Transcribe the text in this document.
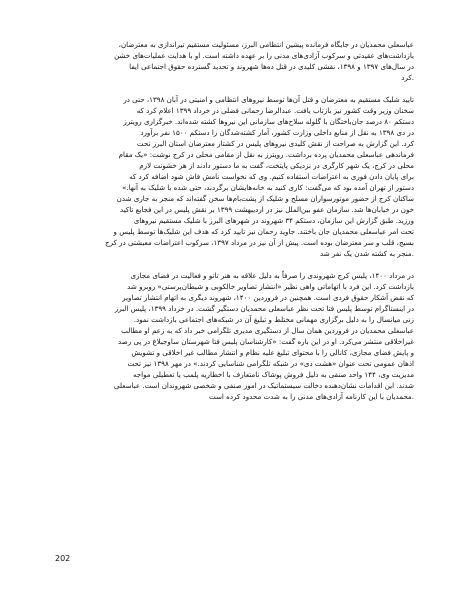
عباسعلی محمدیان در جایگاه فرمانده پیشین انتظامی البرز، مسئولیت مستقیم تیراندازی به معترضان،
بازداشت‌های عقیدتی و سرکوب آزادی‌های مدنی را بر عهده داشته است. او با هدایت عملیات‌های خشن
در سال‌های ۱۳۹۷ و ۱۳۹۸، نقشی کلیدی در قتل ده‌ها شهروند و تحدید گسترده حقوق اجتماعی ایفا
.کرد
تایید شلیک مستقیم به معترضان و قتل آن‌ها توسط نیروهای انتظامی و امنیتی در آبان ۱۳۹۸، حتی در
سخنان وزیر وقت کشور نیز بازتاب یافت. عبدالرضا رحمانی فضلی در خرداد ۱۳۹۹ اعلام کرد که
دستکم ۸۰ درصد جان‌باختگان با گلوله سلاح‌های سازمانی این نیروها کشته شده‌اند. خبرگزاری رویترز
در دی ۱۳۹۸ به نقل از منابع داخلی وزارت کشور، آمار کشته‌شدگان را دستکم ۱۵۰۰ نفر برآورد
کرد. این گزارش به صراحت از نقش کلیدی نیروهای پلیس در کشتار معترضان استان البرز تحت
فرماندهی عباسعلی محمدیان پرده برداشت. رویترز به نقل از مقامی محلی در کرج نوشت: «یک مقام
محلی در کرج، یک شهر کارگری در نزدیکی پایتخت، گفت به ما دستور دادند از هر خشونت لازم
برای پایان دادن فوری به اعتراضات استفاده کنیم. وی که نخواست نامش فاش شود اضافه کرد که
دستور از تهران آمده بود که می‌گفت: کاری کنید به خانه‌هایشان برگردند، حتی شده با شلیک به آنها.»
ساکنان کرج از حضور موتورسواران مسلح و شلیک از پشت‌بام‌ها سخن گفته‌اند که منجر به جاری شدن
خون در خیابان‌ها شد. سازمان عفو بین‌الملل نیز در اردیبهشت ۱۳۹۹ بر نقش پلیس در این فجایع تاکید
ورزید. طبق گزارش این سازمان، دستکم ۳۴ شهروند در شهرهای البرز با شلیک مستقیم نیروهای
تحت امر عباسعلی محمدیان جان باختند. جاوید رحمان نیز تایید کرد که هدف این شلیک‌ها توسط پلیس و
بسیج، قلب و سر معترضان بوده است. پیش از آن نیز در مرداد ۱۳۹۷، سرکوب اعتراضات معیشتی در کرج
.منجر به کشته شدن یک نفر شد
در مرداد ۱۴۰۰، پلیس کرج شهروندی را صرفاً به دلیل علاقه به هنر تاتو و فعالیت در فضای مجازی
بازداشت کرد. این فرد با اتهاماتی واهی نظیر «انتشار تصاویر خالکوبی و شیطان‌پرستی» روبرو شد
که نقض آشکار حقوق فردی است. همچنین در فروردین ۱۴۰۰، شهروند دیگری به اتهام انتشار تصاویر
در اینستاگرام توسط پلیس فتا تحت نظر عباسعلی محمدیان دستگیر گشت. در خرداد ۱۳۹۹، پلیس البرز
زنی میانسال را به دلیل برگزاری مهمانی مختلط و تبلیغ آن در شبکه‌های اجتماعی بازداشت نمود.
عباسعلی محمدیان در فروردین همان سال از دستگیری مدیری تلگرامی خبر داد که به زعم او مطالب
غیراخلاقی منتشر می‌کرد. او در این باره گفت: «کارشناسان پلیس فتا شهرستان ساوجبلاغ در پی رصد
و پایش فضای مجازی، کانالی را با محتوای تبلیغ علیه نظام و انتشار مطالب غیر اخلاقی و تشویش
اذهان عمومی تحت عنوان «هشت دی» در شبکه تلگرامی شناسایی کردند.» در مهر ۱۳۹۸ نیز تحت
مدیریت وی، ۱۴۴ واحد صنفی به دلیل فروش پوشاک نامتعارف با اخطاریه پلمب یا تعطیلی مواجه
شدند. این اقدامات نشان‌دهنده دخالت سیستماتیک در امور صنفی و شخصی شهروندان است. عباسعلی
.محمدیان با این کارنامه آزادی‌های مدنی را به شدت محدود کرده است
202
